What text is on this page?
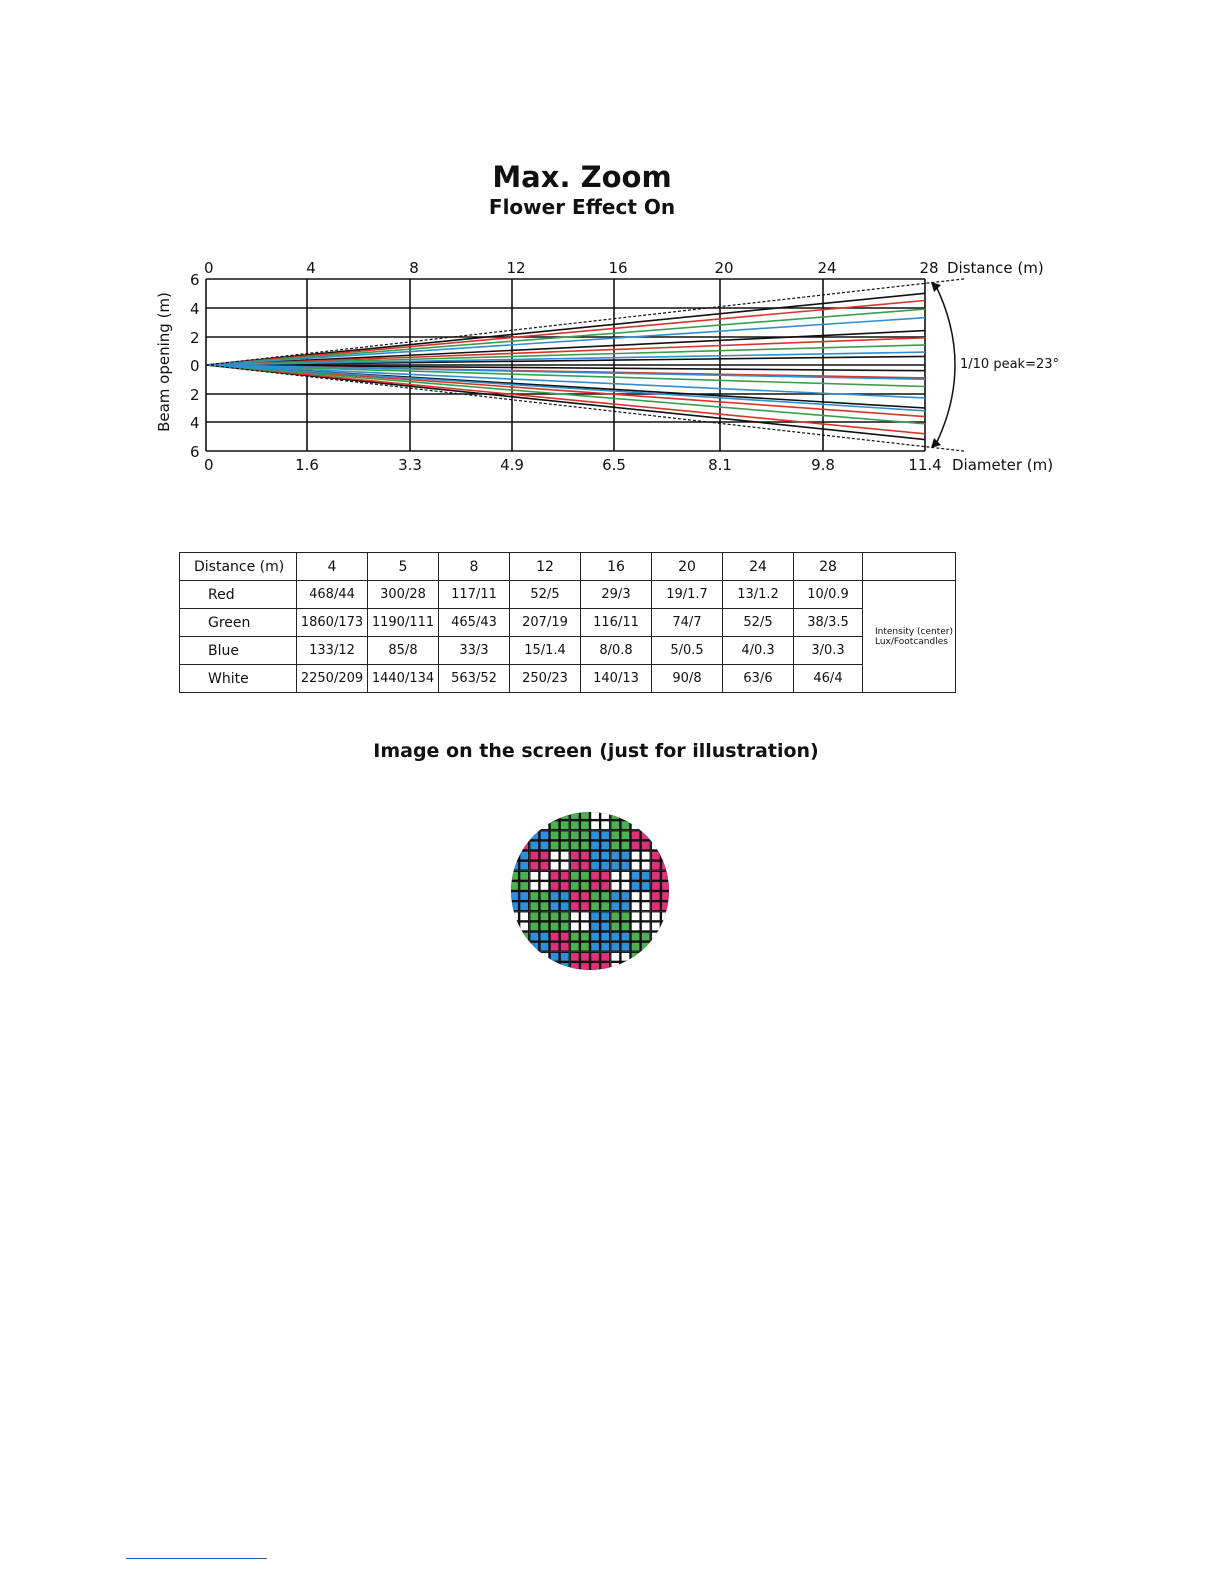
Max. Zoom
Flower Effect On
0	4	8	12	16	20	24	28 Distance (m)
0	1.6	3.3	4.9	6.5	8.1	9.8	11.4 Diameter (m)
6
4
2
0
2
4
6
Beam opening (m)	1/10 peak=23°
Distance (m)	4	5	8	12	16	20	24	28	
Red	468/44	300/28	117/11	52/5	29/3	19/1.7	13/1.2	10/0.9	Intensity (center)
Lux/Footcandles

Green	1860/173	1190/111	465/43	207/19	116/11	74/7	52/5	38/3.5	
Blue	133/12	85/8	33/3	15/1.4	8/0.8	5/0.5	4/0.3	3/0.3	
White	2250/209	1440/134	563/52	250/23	140/13	90/8	63/6	46/4	
Image on the screen (just for illustration)
